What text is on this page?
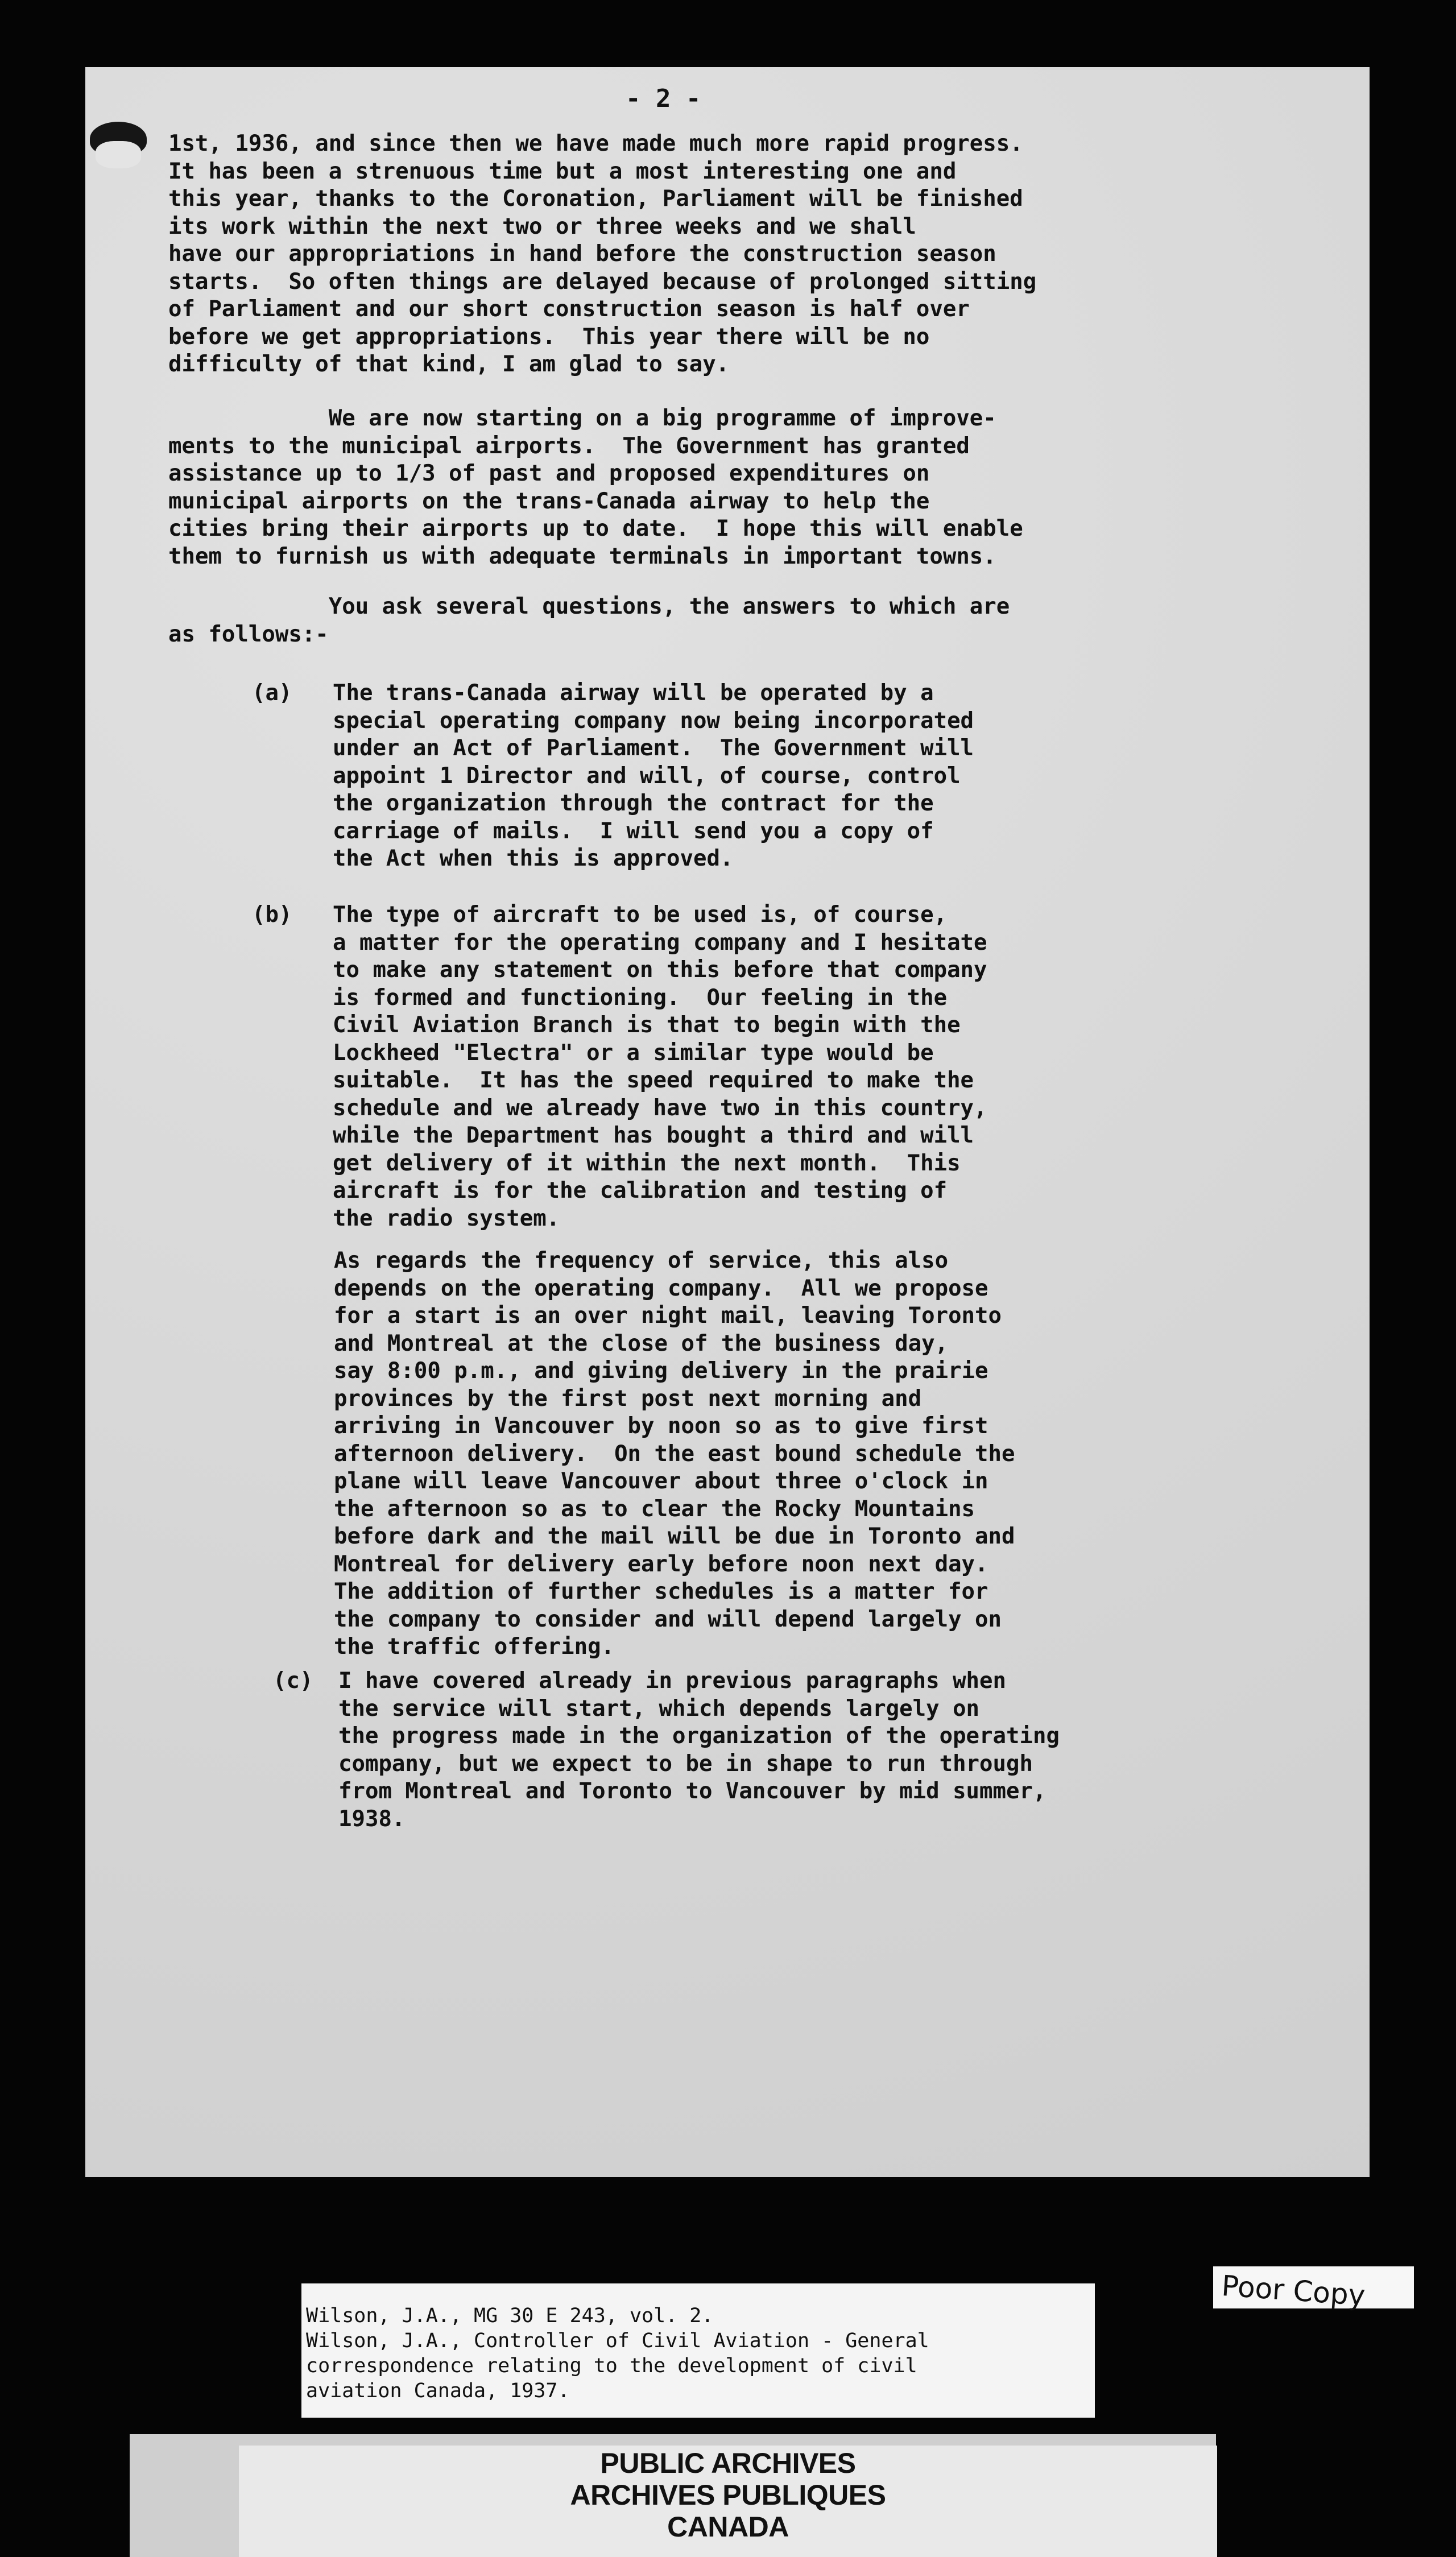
- 2 -
1st, 1936, and since then we have made much more rapid progress.
It has been a strenuous time but a most interesting one and
this year, thanks to the Coronation, Parliament will be finished
its work within the next two or three weeks and we shall
have our appropriations in hand before the construction season
starts.  So often things are delayed because of prolonged sitting
of Parliament and our short construction season is half over
before we get appropriations.  This year there will be no
difficulty of that kind, I am glad to say.
We are now starting on a big programme of improve-
ments to the municipal airports.  The Government has granted
assistance up to 1/3 of past and proposed expenditures on
municipal airports on the trans-Canada airway to help the
cities bring their airports up to date.  I hope this will enable
them to furnish us with adequate terminals in important towns.
You ask several questions, the answers to which are
as follows:-
(a) The trans-Canada airway will be operated by a
special operating company now being incorporated
under an Act of Parliament.  The Government will
appoint 1 Director and will, of course, control
the organization through the contract for the
carriage of mails.  I will send you a copy of
the Act when this is approved.
(b) The type of aircraft to be used is, of course,
a matter for the operating company and I hesitate
to make any statement on this before that company
is formed and functioning.  Our feeling in the
Civil Aviation Branch is that to begin with the
Lockheed "Electra" or a similar type would be
suitable.  It has the speed required to make the
schedule and we already have two in this country,
while the Department has bought a third and will
get delivery of it within the next month.  This
aircraft is for the calibration and testing of
the radio system.
As regards the frequency of service, this also
depends on the operating company.  All we propose
for a start is an over night mail, leaving Toronto
and Montreal at the close of the business day,
say 8:00 p.m., and giving delivery in the prairie
provinces by the first post next morning and
arriving in Vancouver by noon so as to give first
afternoon delivery.  On the east bound schedule the
plane will leave Vancouver about three o'clock in
the afternoon so as to clear the Rocky Mountains
before dark and the mail will be due in Toronto and
Montreal for delivery early before noon next day.
The addition of further schedules is a matter for
the company to consider and will depend largely on
the traffic offering.
(c) I have covered already in previous paragraphs when
the service will start, which depends largely on
the progress made in the organization of the operating
company, but we expect to be in shape to run through
from Montreal and Toronto to Vancouver by mid summer,
1938.
Wilson, J.A., MG 30 E 243, vol. 2.
Wilson, J.A., Controller of Civil Aviation - General
correspondence relating to the development of civil
aviation Canada, 1937.
PUBLIC ARCHIVES
ARCHIVES PUBLIQUES
CANADA
Poor Copy
